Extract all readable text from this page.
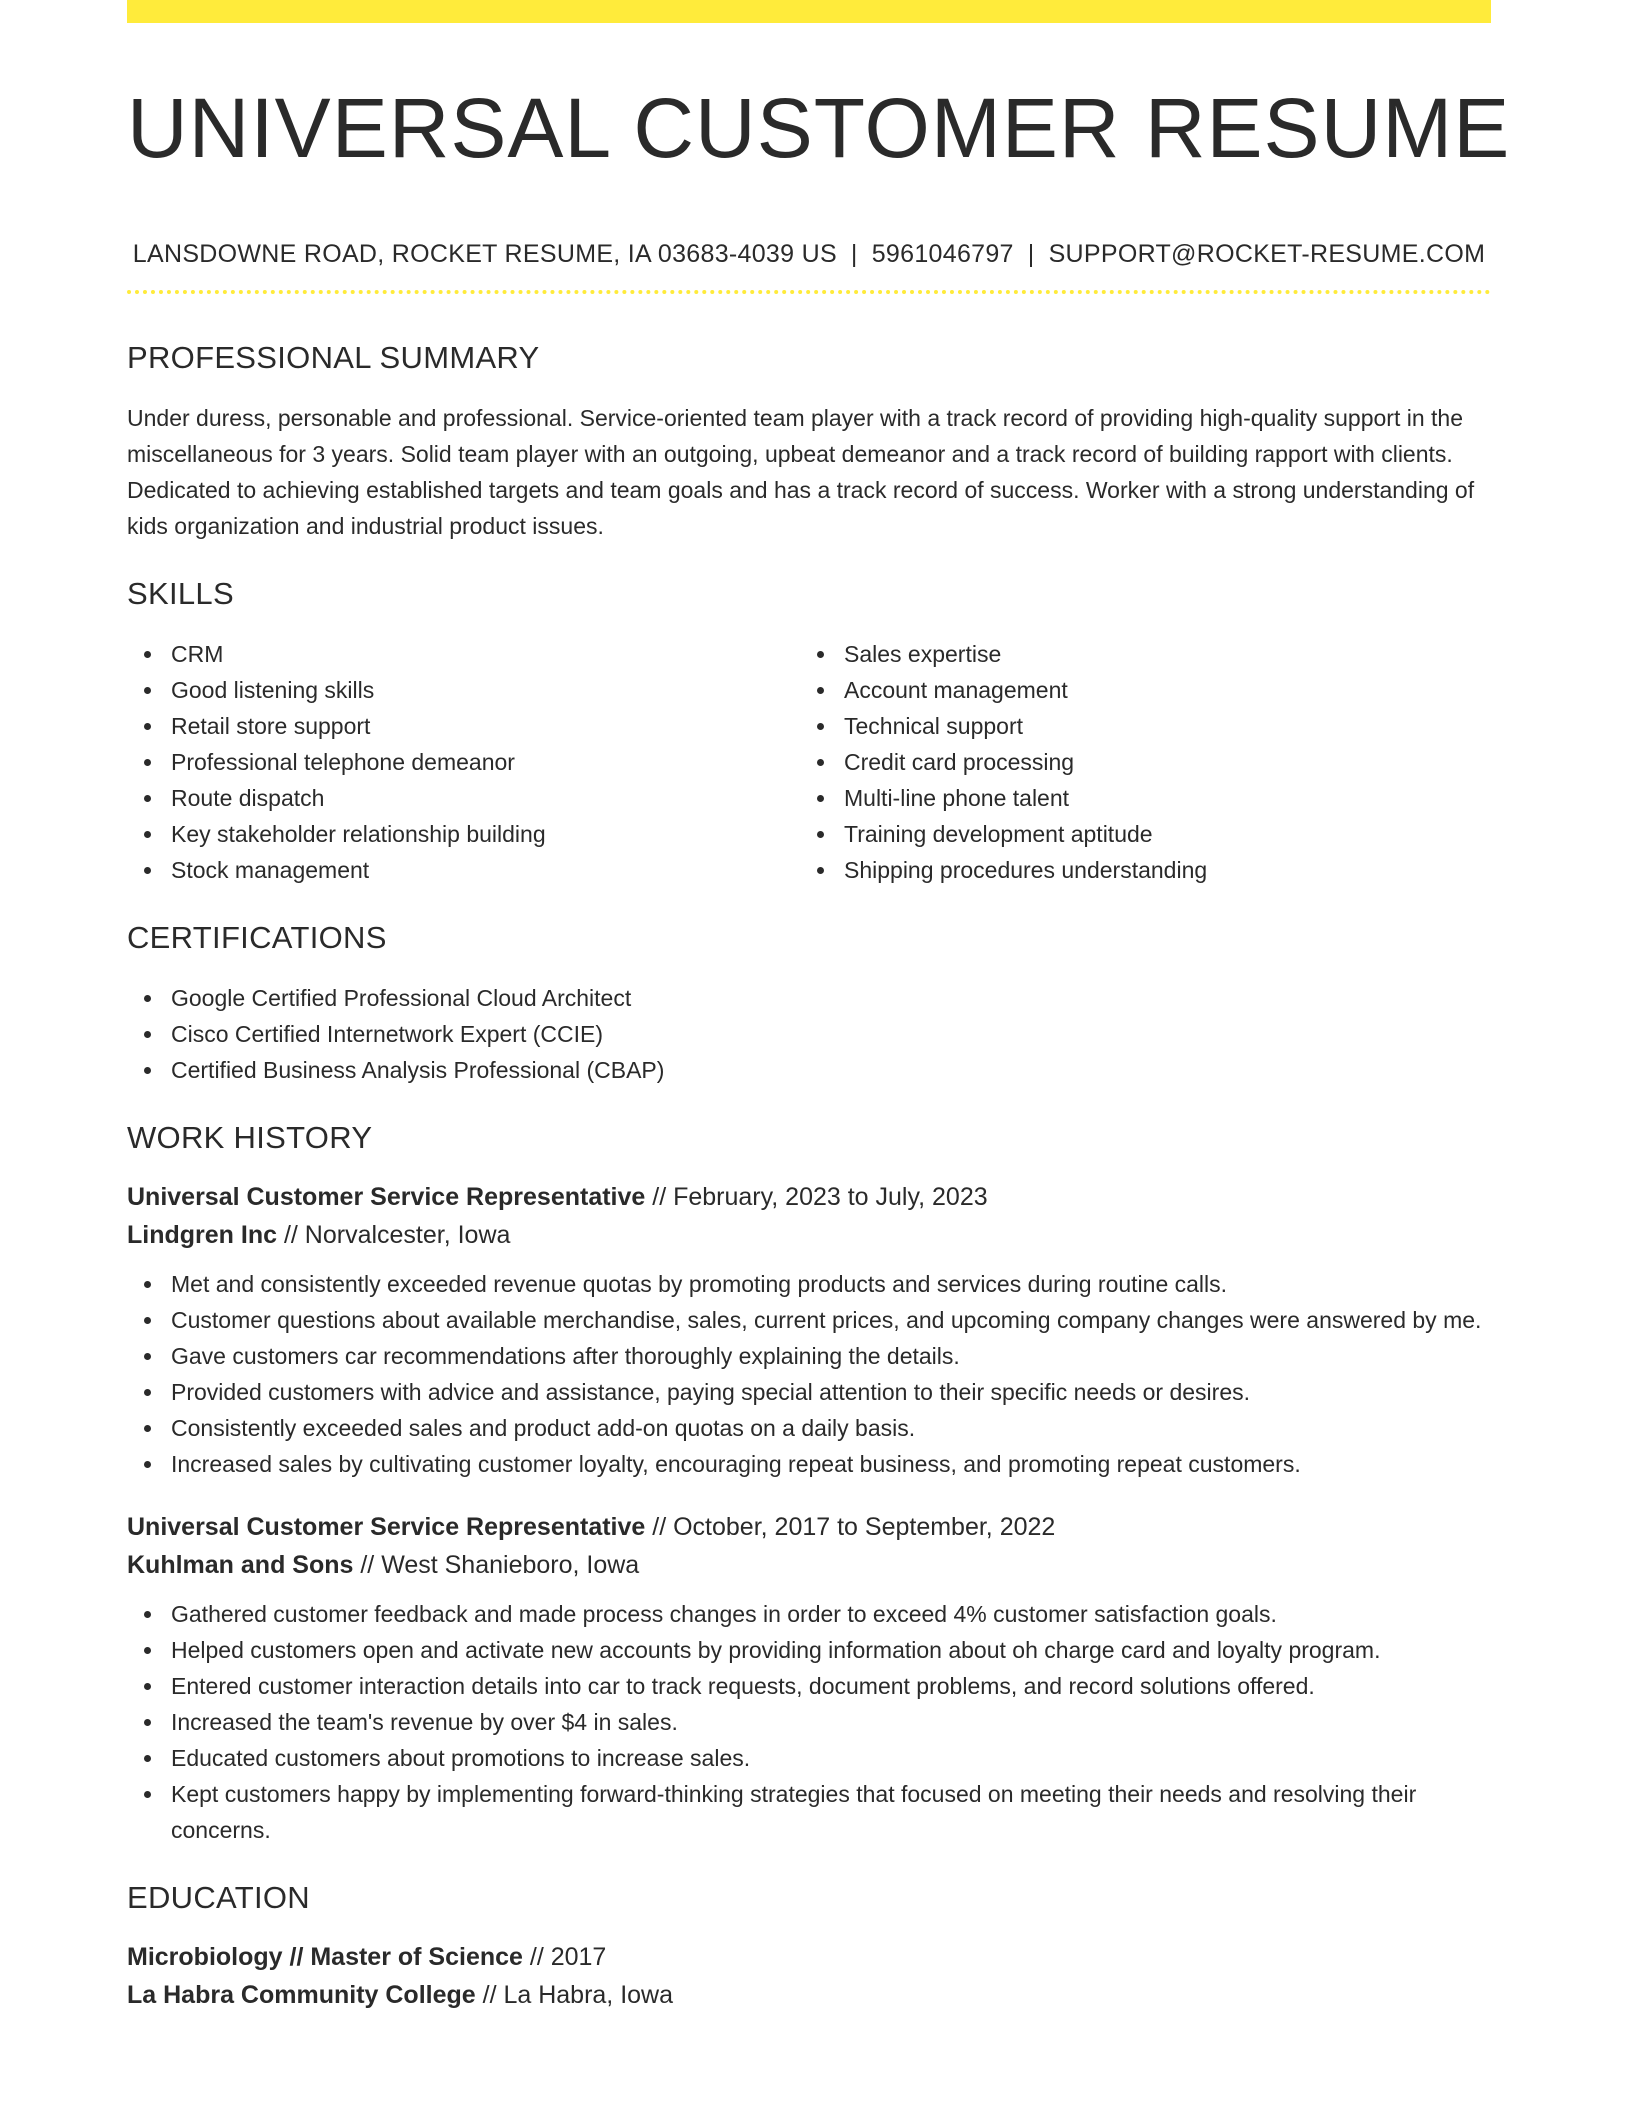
UNIVERSAL CUSTOMER RESUME
LANSDOWNE ROAD, ROCKET RESUME, IA 03683-4039 US | 5961046797 | SUPPORT@ROCKET-RESUME.COM
PROFESSIONAL SUMMARY

Under duress, personable and professional. Service-oriented team player with a track record of providing high-quality support in the miscellaneous for 3 years. Solid team player with an outgoing, upbeat demeanor and a track record of building rapport with clients. Dedicated to achieving established targets and team goals and has a track record of success. Worker with a strong understanding of kids organization and industrial product issues.

SKILLS
CRM
Good listening skills
Retail store support
Professional telephone demeanor
Route dispatch
Key stakeholder relationship building
Stock management
Sales expertise
Account management
Technical support
Credit card processing
Multi-line phone talent
Training development aptitude
Shipping procedures understanding
CERTIFICATIONS
Google Certified Professional Cloud Architect
Cisco Certified Internetwork Expert (CCIE)
Certified Business Analysis Professional (CBAP)
WORK HISTORY
Universal Customer Service Representative // February, 2023 to July, 2023
Lindgren Inc // Norvalcester, Iowa
Met and consistently exceeded revenue quotas by promoting products and services during routine calls.
Customer questions about available merchandise, sales, current prices, and upcoming company changes were answered by me.
Gave customers car recommendations after thoroughly explaining the details.
Provided customers with advice and assistance, paying special attention to their specific needs or desires.
Consistently exceeded sales and product add-on quotas on a daily basis.
Increased sales by cultivating customer loyalty, encouraging repeat business, and promoting repeat customers.
Universal Customer Service Representative // October, 2017 to September, 2022
Kuhlman and Sons // West Shanieboro, Iowa
Gathered customer feedback and made process changes in order to exceed 4% customer satisfaction goals.
Helped customers open and activate new accounts by providing information about oh charge card and loyalty program.
Entered customer interaction details into car to track requests, document problems, and record solutions offered.
Increased the team's revenue by over $4 in sales.
Educated customers about promotions to increase sales.
Kept customers happy by implementing forward-thinking strategies that focused on meeting their needs and resolving their concerns.
EDUCATION
Microbiology // Master of Science // 2017
La Habra Community College // La Habra, Iowa
